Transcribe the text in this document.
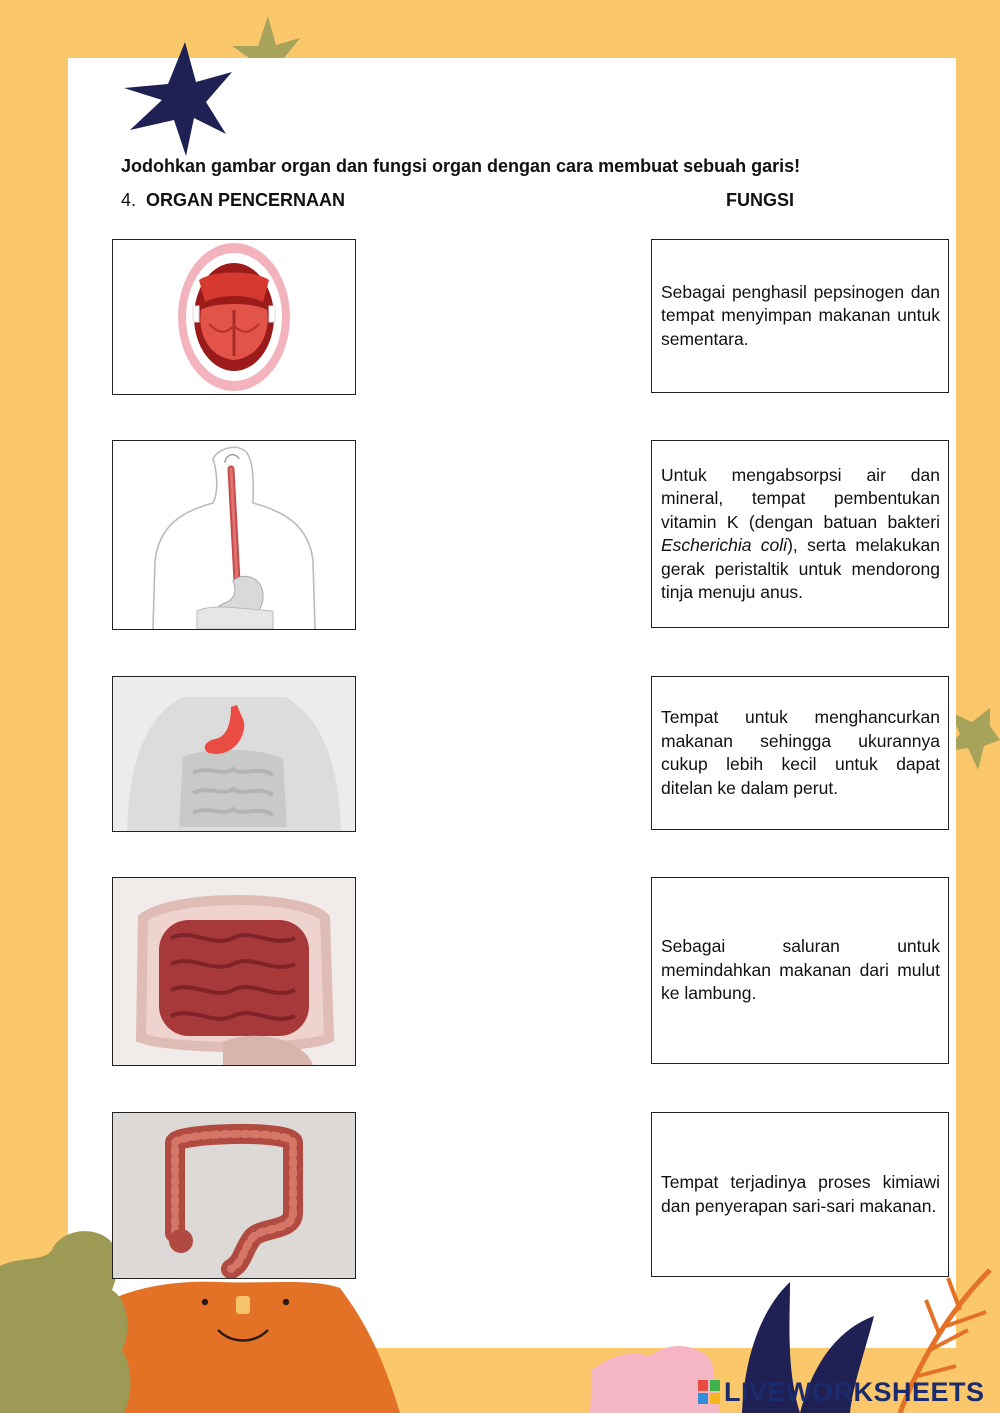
Jodohkan gambar organ dan fungsi organ dengan cara membuat sebuah garis!
4. ORGAN PENCERNAAN	FUNGSI

Sebagai penghasil pepsinogen dan tempat menyimpan makanan untuk sementara.

Untuk mengabsorpsi air dan mineral, tempat pembentukan vitamin K (dengan batuan bakteri Escherichia coli), serta melakukan gerak peristaltik untuk mendorong tinja menuju anus.

Tempat untuk menghancurkan makanan sehingga ukurannya cukup lebih kecil untuk dapat ditelan ke dalam perut.

Sebagai saluran untuk memindahkan makanan dari mulut ke lambung.

Tempat terjadinya proses kimiawi dan penyerapan sari-sari makanan.

LIVEWORKSHEETS
